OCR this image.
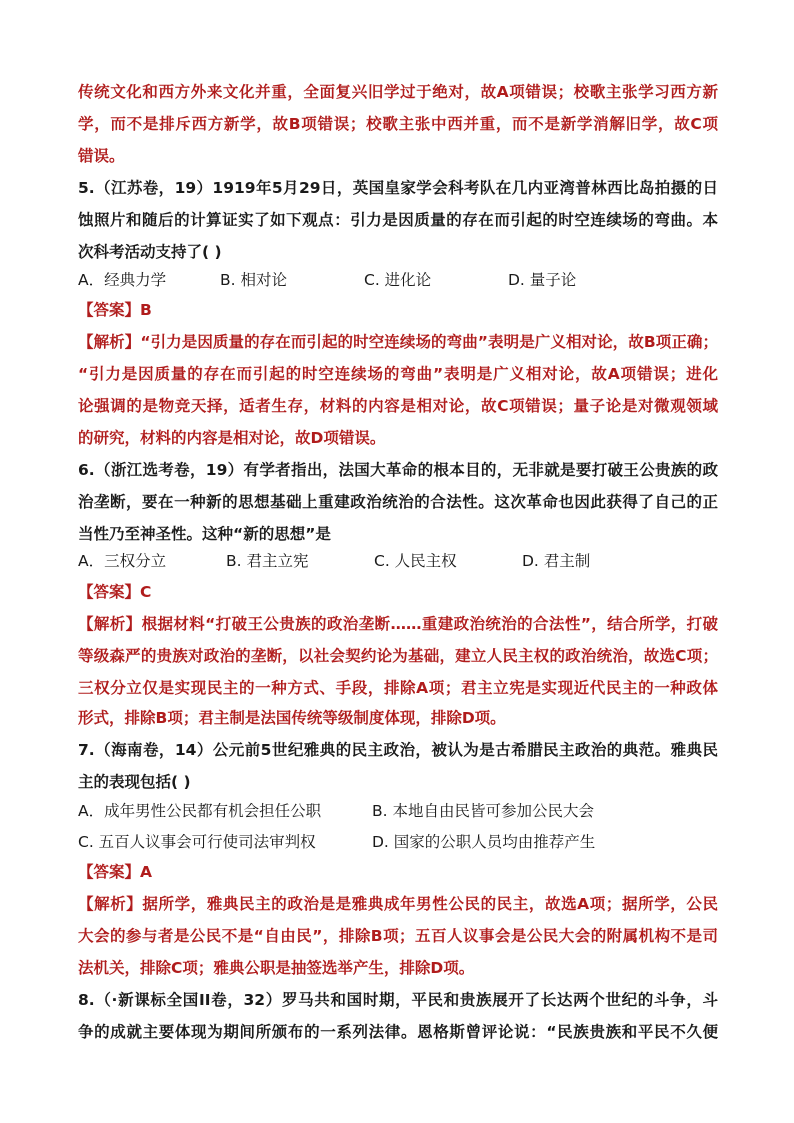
传统文化和西方外来文化并重，全面复兴旧学过于绝对，故A项错误；校歌主张学习西方新
学，而不是排斥西方新学，故B项错误；校歌主张中西并重，而不是新学消解旧学，故C项
错误。
5.（江苏卷，19）1919年5月29日，英国皇家学会科考队在几内亚湾普林西比岛拍摄的日
蚀照片和随后的计算证实了如下观点：引力是因质量的存在而引起的时空连续场的弯曲。本
次科考活动支持了( )
A．经典力学	B. 相对论	C. 进化论	D. 量子论
【答案】B
【解析】“引力是因质量的存在而引起的时空连续场的弯曲”表明是广义相对论，故B项正确；
“引力是因质量的存在而引起的时空连续场的弯曲”表明是广义相对论，故A项错误；进化
论强调的是物竞天择，适者生存，材料的内容是相对论，故C项错误；量子论是对微观领域
的研究，材料的内容是相对论，故D项错误。
6.（浙江选考卷，19）有学者指出，法国大革命的根本目的，无非就是要打破王公贵族的政
治垄断，要在一种新的思想基础上重建政治统治的合法性。这次革命也因此获得了自己的正
当性乃至神圣性。这种“新的思想”是
A．三权分立	B. 君主立宪	C. 人民主权	D. 君主制
【答案】C
【解析】根据材料“打破王公贵族的政治垄断……重建政治统治的合法性”，结合所学，打破
等级森严的贵族对政治的垄断，以社会契约论为基础，建立人民主权的政治统治，故选C项；
三权分立仅是实现民主的一种方式、手段，排除A项；君主立宪是实现近代民主的一种政体
形式，排除B项；君主制是法国传统等级制度体现，排除D项。
7.（海南卷，14）公元前5世纪雅典的民主政治，被认为是古希腊民主政治的典范。雅典民
主的表现包括( )
A．成年男性公民都有机会担任公职	B. 本地自由民皆可参加公民大会
C. 五百人议事会可行使司法审判权	D. 国家的公职人员均由推荐产生
【答案】A
【解析】据所学，雅典民主的政治是是雅典成年男性公民的民主，故选A项；据所学，公民
大会的参与者是公民不是“自由民”，排除B项；五百人议事会是公民大会的附属机构不是司
法机关，排除C项；雅典公职是抽签选举产生，排除D项。
8.（·新课标全国II卷，32）罗马共和国时期，平民和贵族展开了长达两个世纪的斗争，斗
争的成就主要体现为期间所颁布的一系列法律。恩格斯曾评论说：“民族贵族和平民不久便
